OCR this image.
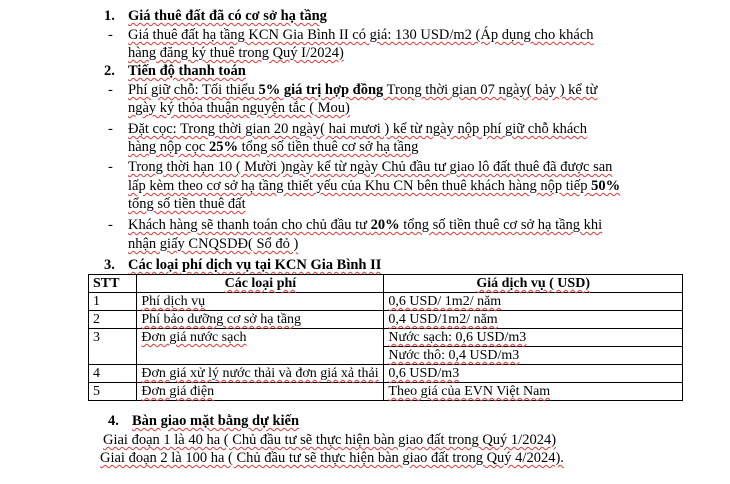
1. Giá thuê đất đã có cơ sở hạ tầng
- Giá thuê đất hạ tầng KCN Gia Bình II có giá: 130 USD/m2 (Áp dụng cho khách
hàng đăng ký thuê trong Quý I/2024)
2. Tiến độ thanh toán
- Phí giữ chỗ: Tối thiểu 5% giá trị hợp đồng Trong thời gian 07 ngày( bảy ) kể từ
ngày ký thỏa thuận nguyện tắc ( Mou)
- Đặt cọc: Trong thời gian 20 ngày( hai mươi ) kể từ ngày nộp phí giữ chỗ khách
hàng nộp cọc 25% tổng số tiền thuê cơ sở hạ tầng
- Trong thời hạn 10 ( Mười )ngày kể từ ngày Chủ đầu tư giao lô đất thuê đã được san
lấp kèm theo cơ sở hạ tầng thiết yếu của Khu CN bên thuê khách hàng nộp tiếp 50%
tổng số tiền thuê đất
- Khách hàng sẽ thanh toán cho chủ đầu tư 20% tổng số tiền thuê cơ sở hạ tầng khi
nhận giấy CNQSDĐ( Sổ đỏ )
3. Các loại phí dịch vụ tại KCN Gia Bình II
STT	Các loại phí	Giá dịch vụ ( USD)
1	Phí dịch vụ	0,6 USD/ 1m2/ năm
2	Phí bảo dưỡng cơ sở hạ tầng	0,4 USD/1m2/ năm
3	Đơn giá nước sạch	Nước sạch: 0,6 USD/m3
		Nước thô: 0,4 USD/m3
4	Đơn giá xử lý nước thải và đơn giá xả thải	0,6 USD/m3
5	Đơn giá điện	Theo giá của EVN Việt Nam
4. Bàn giao mặt bằng dự kiến
Giai đoạn 1 là 40 ha ( Chủ đầu tư sẽ thực hiện bàn giao đất trong Quý 1/2024)
Giai đoạn 2 là 100 ha ( Chủ đầu tư sẽ thực hiện bàn giao đất trong Quý 4/2024).
